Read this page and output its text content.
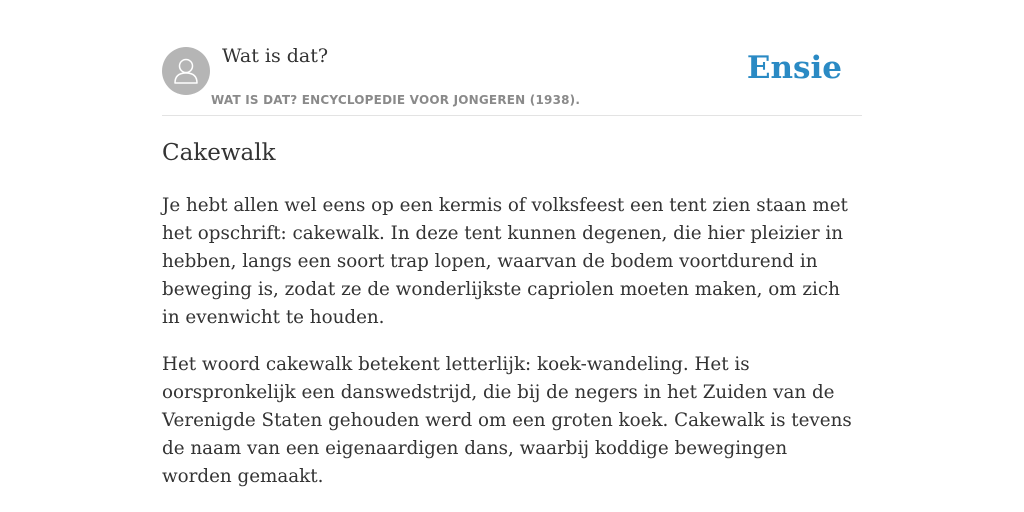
Wat is dat?
WAT IS DAT? ENCYCLOPEDIE VOOR JONGEREN (1938).
Ensie
Cakewalk

Je hebt allen wel eens op een kermis of volksfeest een tent zien staan met het opschrift: cakewalk. In deze tent kunnen degenen, die hier pleizier in hebben, langs een soort trap lopen, waarvan de bodem voortdurend in beweging is, zodat ze de wonderlijkste capriolen moeten maken, om zich in evenwicht te houden.

Het woord cakewalk betekent letterlijk: koek-wandeling. Het is oorspronkelijk een danswedstrijd, die bij de negers in het Zuiden van de Verenigde Staten gehouden werd om een groten koek. Cakewalk is tevens de naam van een eigenaardigen dans, waarbij koddige bewegingen worden gemaakt.
